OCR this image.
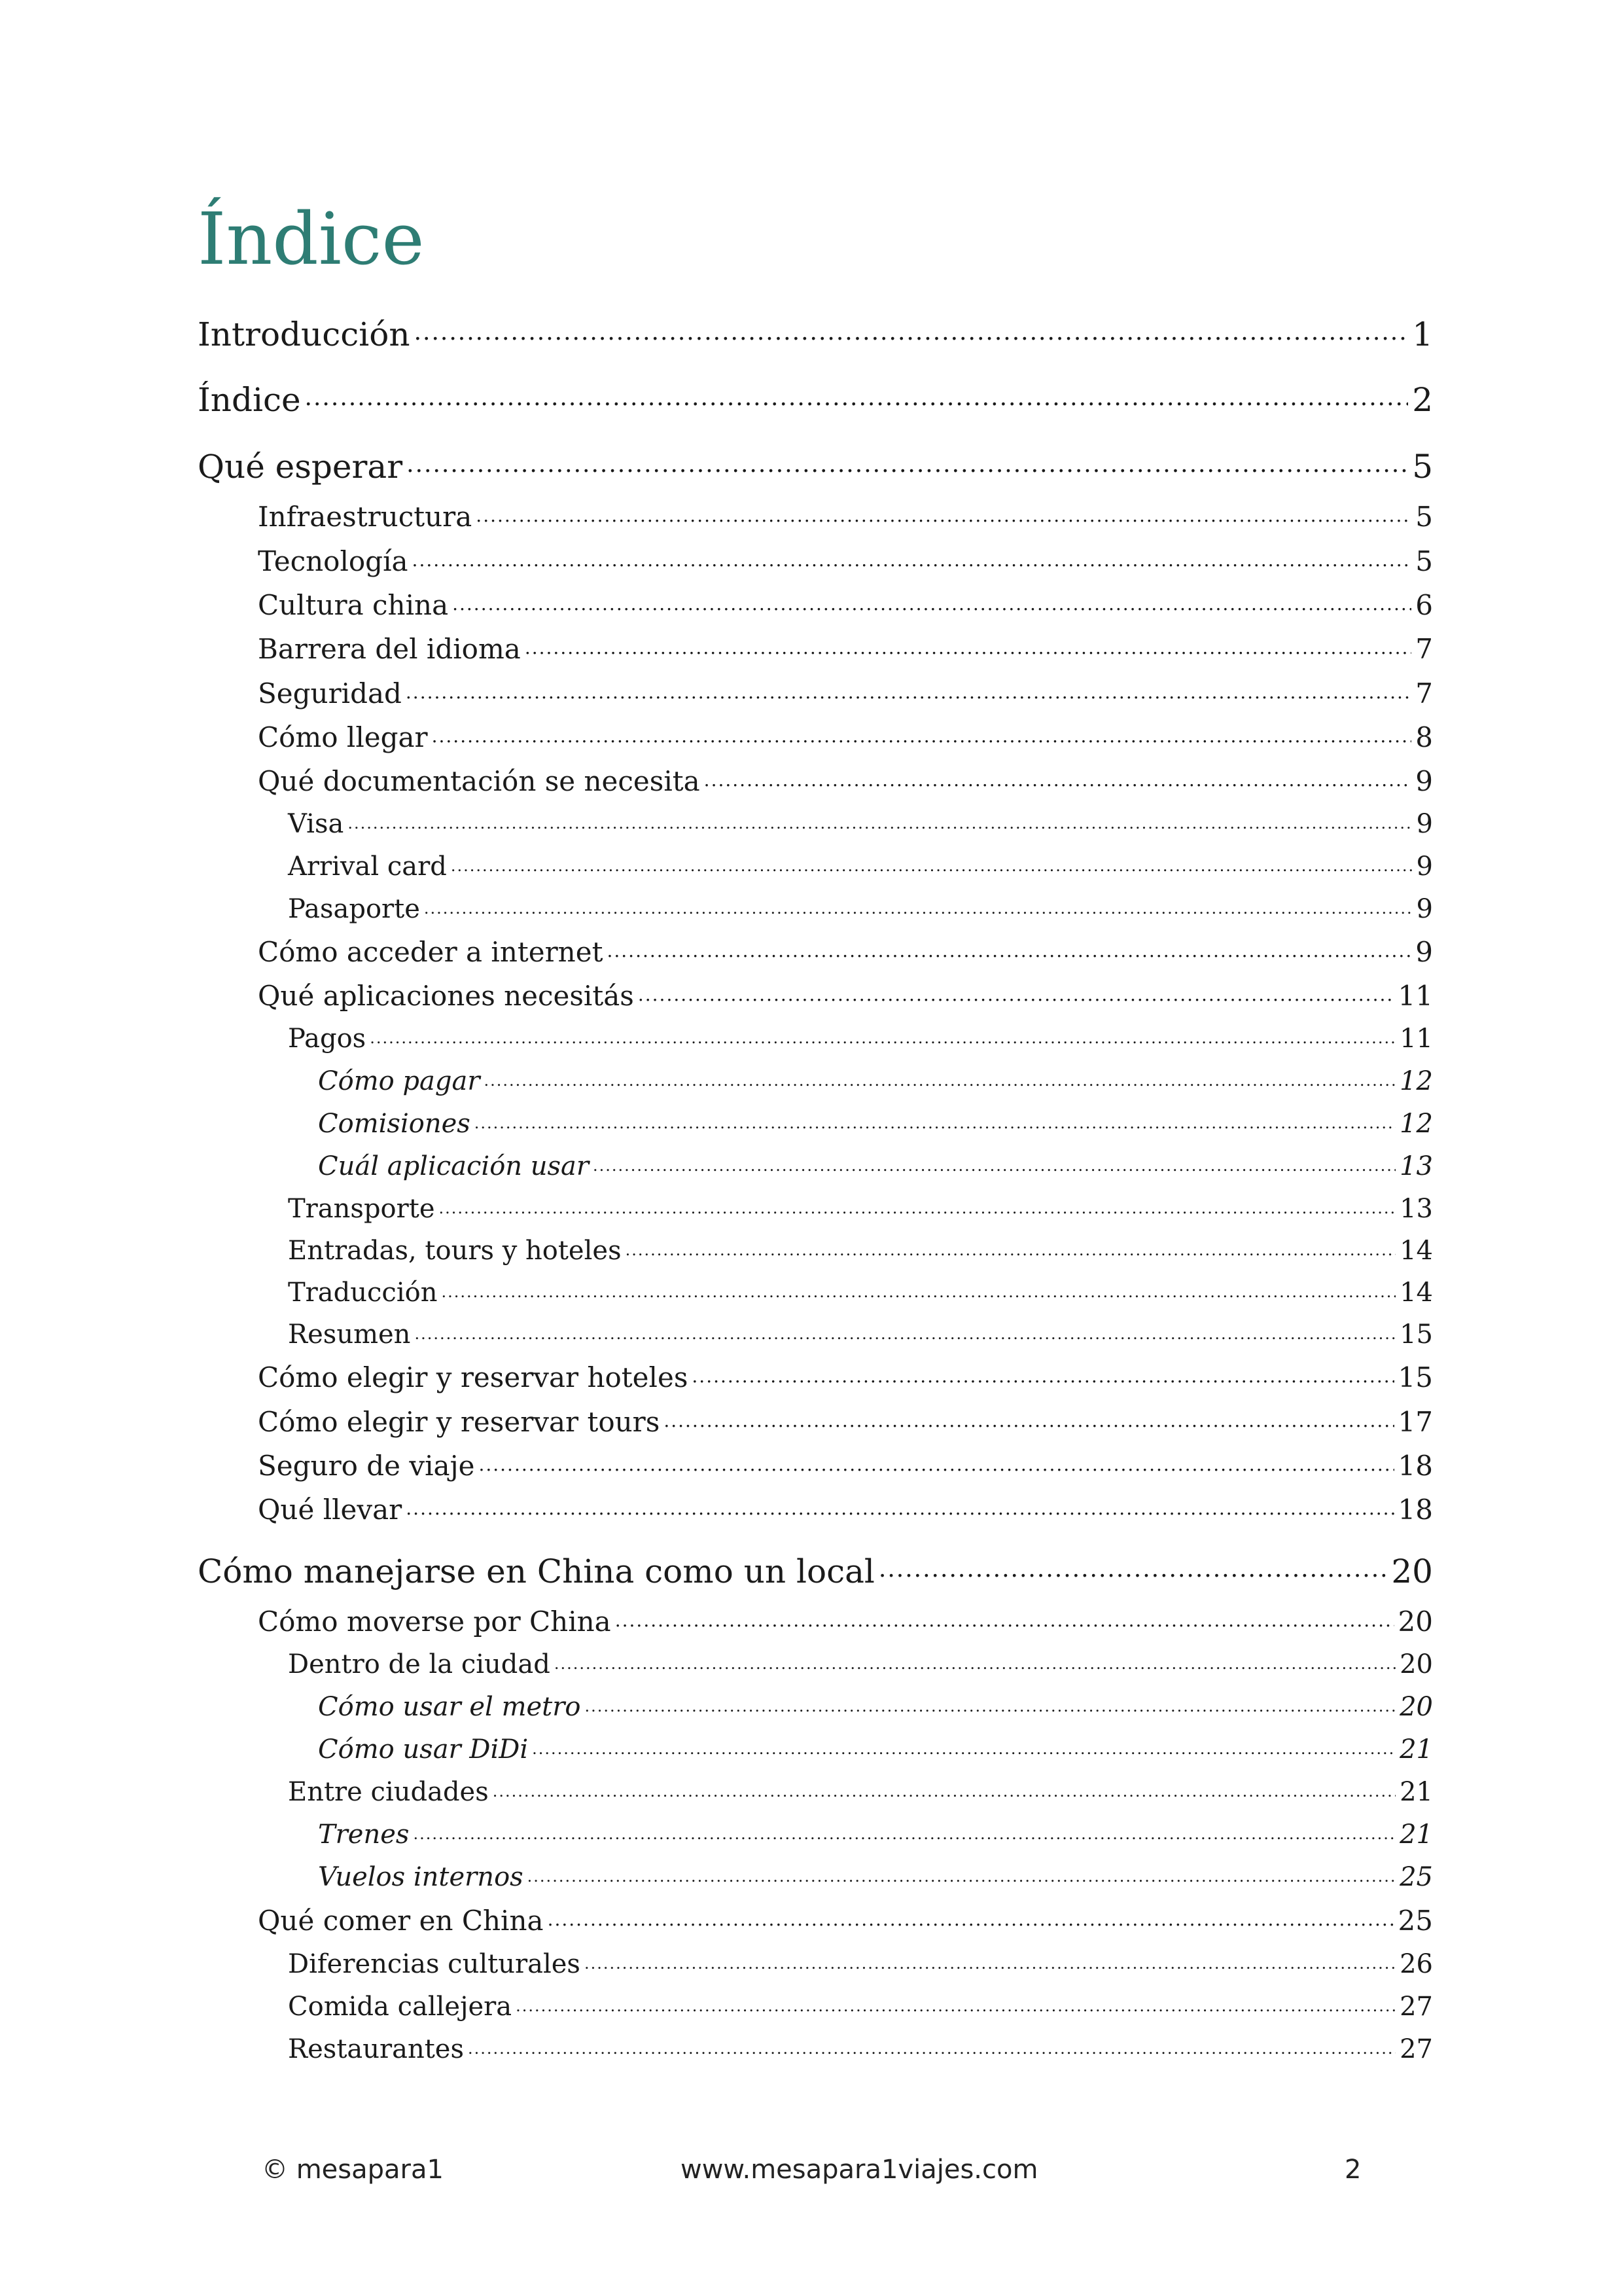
Índice
Introducción .....	1
Índice .....	2
Qué esperar .....	5
Infraestructura .....	5
Tecnología .....	5
Cultura china .....	6
Barrera del idioma .....	7
Seguridad .....	7
Cómo llegar .....	8
Qué documentación se necesita .....	9
Visa .....	9
Arrival card .....	9
Pasaporte .....	9
Cómo acceder a internet .....	9
Qué aplicaciones necesitás .....	11
Pagos .....	11
Cómo pagar .....	12
Comisiones .....	12
Cuál aplicación usar .....	13
Transporte .....	13
Entradas, tours y hoteles .....	14
Traducción .....	14
Resumen .....	15
Cómo elegir y reservar hoteles .....	15
Cómo elegir y reservar tours .....	17
Seguro de viaje .....	18
Qué llevar .....	18
Cómo manejarse en China como un local .....	20
Cómo moverse por China .....	20
Dentro de la ciudad .....	20
Cómo usar el metro .....	20
Cómo usar DiDi .....	21
Entre ciudades .....	21
Trenes .....	21
Vuelos internos .....	25
Qué comer en China .....	25
Diferencias culturales .....	26
Comida callejera .....	27
Restaurantes .....	27
© mesapara1	www.mesapara1viajes.com	2
